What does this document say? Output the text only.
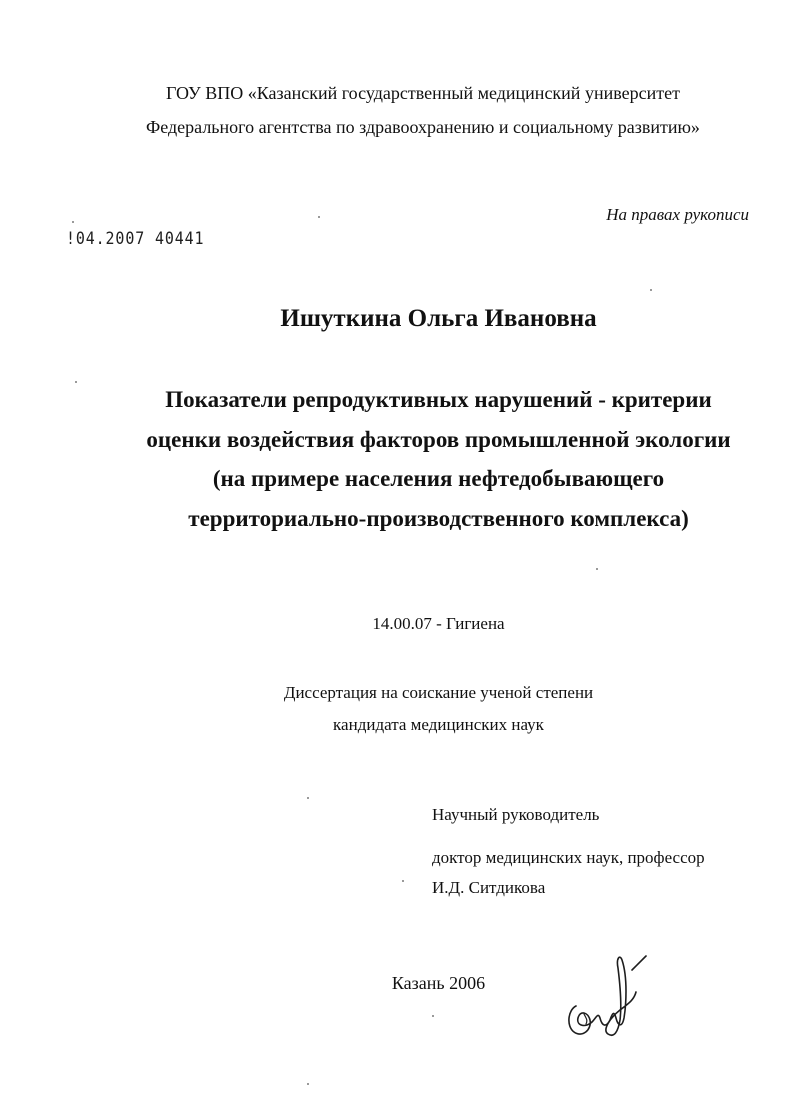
ГОУ ВПО «Казанский государственный медицинский университет
Федерального агентства по здравоохранению и социальному развитию»
На правах рукописи
!04.2007 40441
Ишуткина Ольга Ивановна
Показатели репродуктивных нарушений - критерии
оценки воздействия факторов промышленной экологии
(на примере населения нефтедобывающего
территориально-производственного комплекса)
14.00.07 - Гигиена
Диссертация на соискание ученой степени
кандидата медицинских наук
Научный руководитель
доктор медицинских наук, профессор
И.Д. Ситдикова
Казань 2006
